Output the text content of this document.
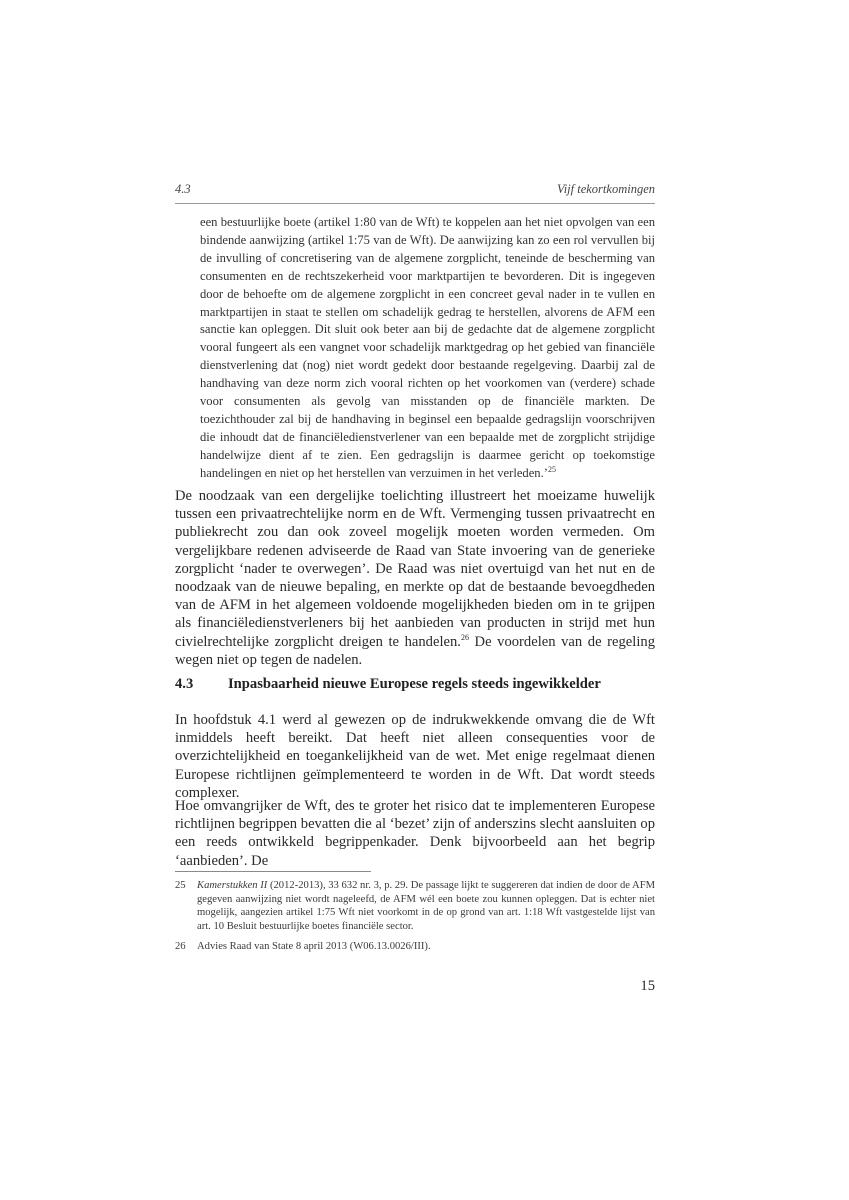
4.3	Vijf tekortkomingen
een bestuurlijke boete (artikel 1:80 van de Wft) te koppelen aan het niet opvolgen van een bindende aanwijzing (artikel 1:75 van de Wft). De aanwijzing kan zo een rol vervullen bij de invulling of concretisering van de algemene zorgplicht, teneinde de bescherming van consumenten en de rechtszekerheid voor marktpartijen te bevorderen. Dit is ingegeven door de behoefte om de algemene zorgplicht in een concreet geval nader in te vullen en marktpartijen in staat te stellen om schadelijk gedrag te herstellen, alvorens de AFM een sanctie kan opleggen. Dit sluit ook beter aan bij de gedachte dat de algemene zorgplicht vooral fungeert als een vangnet voor schadelijk marktgedrag op het gebied van financiële dienstverlening dat (nog) niet wordt gedekt door bestaande regelgeving. Daarbij zal de handhaving van deze norm zich vooral richten op het voorkomen van (verdere) schade voor consumenten als gevolg van misstanden op de financiële markten. De toezichthouder zal bij de handhaving in beginsel een bepaalde gedragslijn voorschrijven die inhoudt dat de financiëledienstverlener van een bepaalde met de zorgplicht strijdige handelwijze dient af te zien. Een gedragslijn is daarmee gericht op toekomstige handelingen en niet op het herstellen van verzuimen in het verleden.’$^{25}$
De noodzaak van een dergelijke toelichting illustreert het moeizame huwelijk tussen een privaatrechtelijke norm en de Wft. Vermenging tussen privaatrecht en publiekrecht zou dan ook zoveel mogelijk moeten worden vermeden. Om vergelijkbare redenen adviseerde de Raad van State invoering van de generieke zorgplicht ‘nader te overwegen’. De Raad was niet overtuigd van het nut en de noodzaak van de nieuwe bepaling, en merkte op dat de bestaande bevoegdheden van de AFM in het algemeen voldoende mogelijkheden bieden om in te grijpen als financiëledienstverleners bij het aanbieden van producten in strijd met hun civielrechtelijke zorgplicht dreigen te handelen.$^{26}$ De voordelen van de regeling wegen niet op tegen de nadelen.
4.3 Inpasbaarheid nieuwe Europese regels steeds ingewikkelder
In hoofdstuk 4.1 werd al gewezen op de indrukwekkende omvang die de Wft inmiddels heeft bereikt. Dat heeft niet alleen consequenties voor de overzichtelijkheid en toegankelijkheid van de wet. Met enige regelmaat dienen Europese richtlijnen geïmplementeerd te worden in de Wft. Dat wordt steeds complexer.
Hoe omvangrijker de Wft, des te groter het risico dat te implementeren Europese richtlijnen begrippen bevatten die al ‘bezet’ zijn of anderszins slecht aansluiten op een reeds ontwikkeld begrippenkader. Denk bijvoorbeeld aan het begrip ‘aanbieden’. De
25 Kamerstukken II (2012-2013), 33 632 nr. 3, p. 29. De passage lijkt te suggereren dat indien de door de AFM gegeven aanwijzing niet wordt nageleefd, de AFM wél een boete zou kunnen opleggen. Dat is echter niet mogelijk, aangezien artikel 1:75 Wft niet voorkomt in de op grond van art. 1:18 Wft vastgestelde lijst van art. 10 Besluit bestuurlijke boetes financiële sector.
26 Advies Raad van State 8 april 2013 (W06.13.0026/III).
15
